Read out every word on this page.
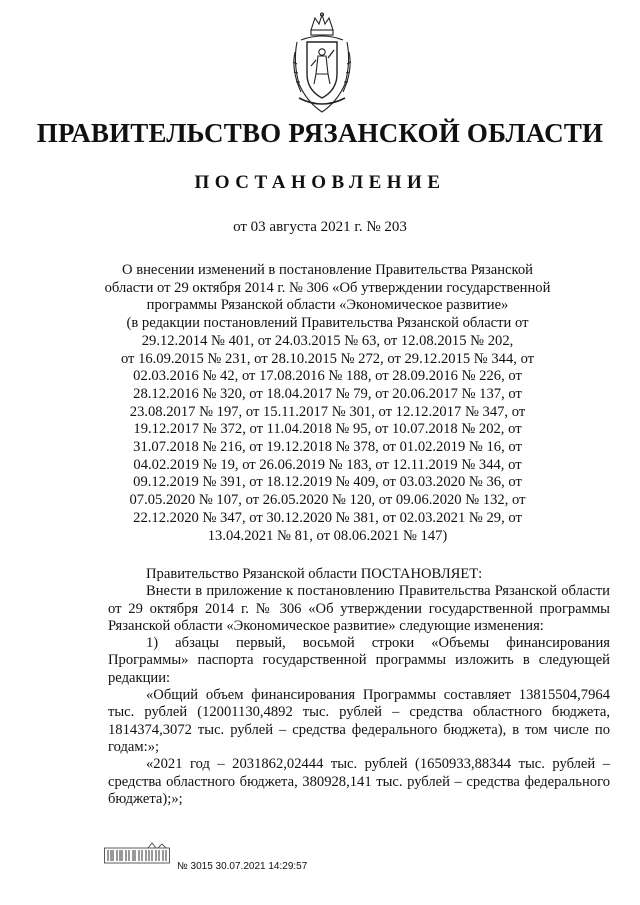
ПРАВИТЕЛЬСТВО РЯЗАНСКОЙ ОБЛАСТИ
ПОСТАНОВЛЕНИЕ
от 03 августа 2021 г. № 203
О внесении изменений в постановление Правительства Рязанской
области от 29 октября 2014 г. № 306 «Об утверждении государственной
программы Рязанской области «Экономическое развитие»
(в редакции постановлений Правительства Рязанской области от
29.12.2014 № 401, от 24.03.2015 № 63, от 12.08.2015 № 202,
от 16.09.2015 № 231, от 28.10.2015 № 272, от 29.12.2015 № 344, от
02.03.2016 № 42, от 17.08.2016 № 188, от 28.09.2016 № 226, от
28.12.2016 № 320, от 18.04.2017 № 79, от 20.06.2017 № 137, от
23.08.2017 № 197, от 15.11.2017 № 301, от 12.12.2017 № 347, от
19.12.2017 № 372, от 11.04.2018 № 95, от 10.07.2018 № 202, от
31.07.2018 № 216, от 19.12.2018 № 378, от 01.02.2019 № 16, от
04.02.2019 № 19, от 26.06.2019 № 183, от 12.11.2019 № 344, от
09.12.2019 № 391, от 18.12.2019 № 409, от 03.03.2020 № 36, от
07.05.2020 № 107, от 26.05.2020 № 120, от 09.06.2020 № 132, от
22.12.2020 № 347, от 30.12.2020 № 381, от 02.03.2021 № 29, от
13.04.2021 № 81, от 08.06.2021 № 147)

Правительство Рязанской области ПОСТАНОВЛЯЕТ:

Внести в приложение к постановлению Правительства Рязанской области от 29 октября 2014 г. № 306 «Об утверждении государственной программы Рязанской области «Экономическое развитие» следующие изменения:

1) абзацы первый, восьмой строки «Объемы финансирования Программы» паспорта государственной программы изложить в следующей редакции:

«Общий объем финансирования Программы составляет 13815504,7964 тыс. рублей (12001130,4892 тыс. рублей – средства областного бюджета, 1814374,3072 тыс. рублей – средства федерального бюджета), в том числе по годам:»;

«2021 год – 2031862,02444 тыс. рублей (1650933,88344 тыс. рублей – средства областного бюджета, 380928,141 тыс. рублей – средства федерального бюджета);»;

№ 3015 30.07.2021 14:29:57
